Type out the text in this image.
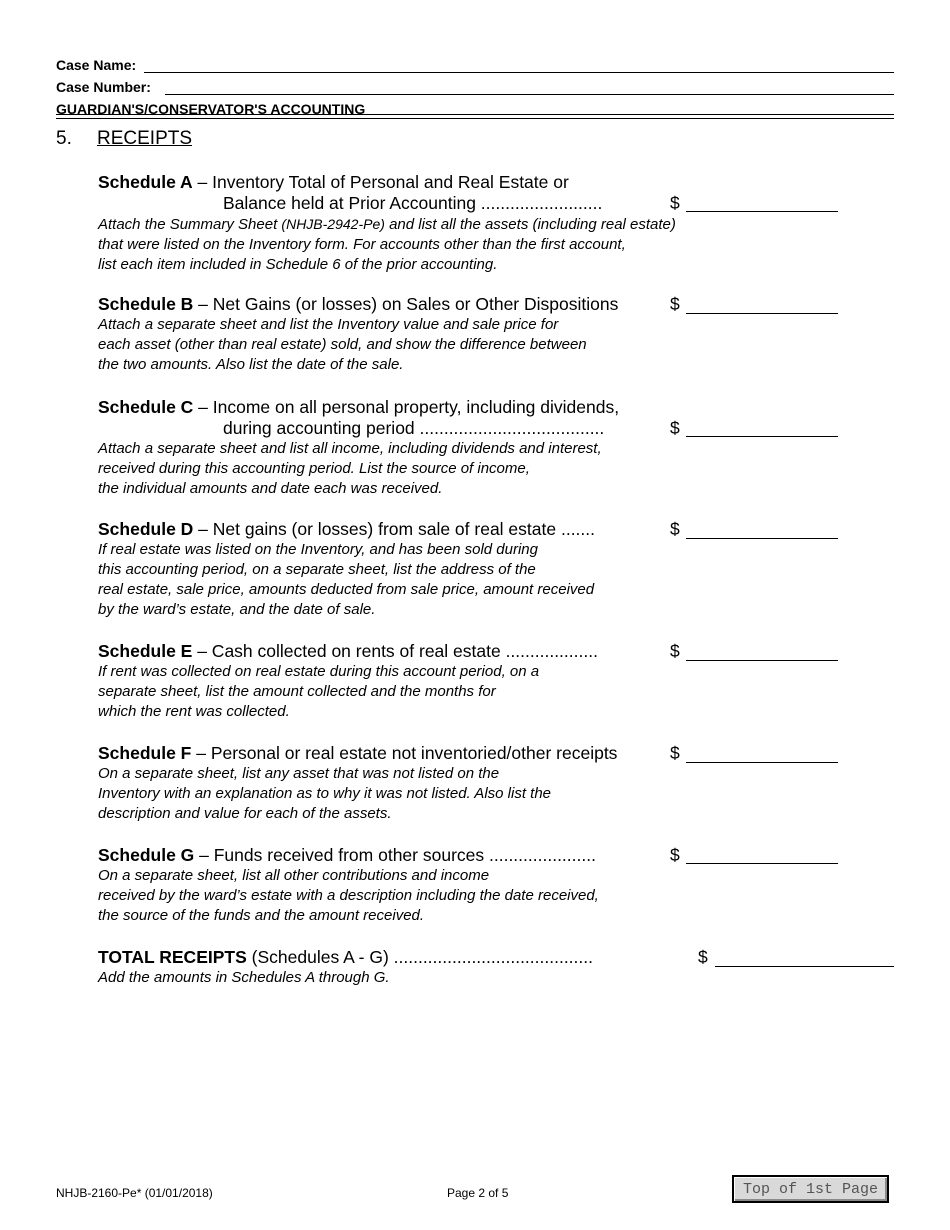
Case Name:
Case Number:
GUARDIAN'S/CONSERVATOR'S ACCOUNTING
5. RECEIPTS
Schedule A – Inventory Total of Personal and Real Estate or
Balance held at Prior Accounting .........................
Attach the Summary Sheet (NHJB-2942-Pe) and list all the assets (including real estate)
that were listed on the Inventory form. For accounts other than the first account,
list each item included in Schedule 6 of the prior accounting.
$
Schedule B – Net Gains (or losses) on Sales or Other Dispositions
Attach a separate sheet and list the Inventory value and sale price for
each asset (other than real estate) sold, and show the difference between
the two amounts. Also list the date of the sale.
$
Schedule C – Income on all personal property, including dividends,
during accounting period ......................................
Attach a separate sheet and list all income, including dividends and interest,
received during this accounting period. List the source of income,
the individual amounts and date each was received.
$
Schedule D – Net gains (or losses) from sale of real estate .......
If real estate was listed on the Inventory, and has been sold during
this accounting period, on a separate sheet, list the address of the
real estate, sale price, amounts deducted from sale price, amount received
by the ward’s estate, and the date of sale.
$
Schedule E – Cash collected on rents of real estate ...................
If rent was collected on real estate during this account period, on a
separate sheet, list the amount collected and the months for
which the rent was collected.
$
Schedule F – Personal or real estate not inventoried/other receipts
On a separate sheet, list any asset that was not listed on the
Inventory with an explanation as to why it was not listed. Also list the
description and value for each of the assets.
$
Schedule G – Funds received from other sources ......................
On a separate sheet, list all other contributions and income
received by the ward’s estate with a description including the date received,
the source of the funds and the amount received.
$
TOTAL RECEIPTS (Schedules A - G) .........................................
Add the amounts in Schedules A through G.
$
NHJB-2160-Pe* (01/01/2018)	Page 2 of 5	Top of 1st Page
